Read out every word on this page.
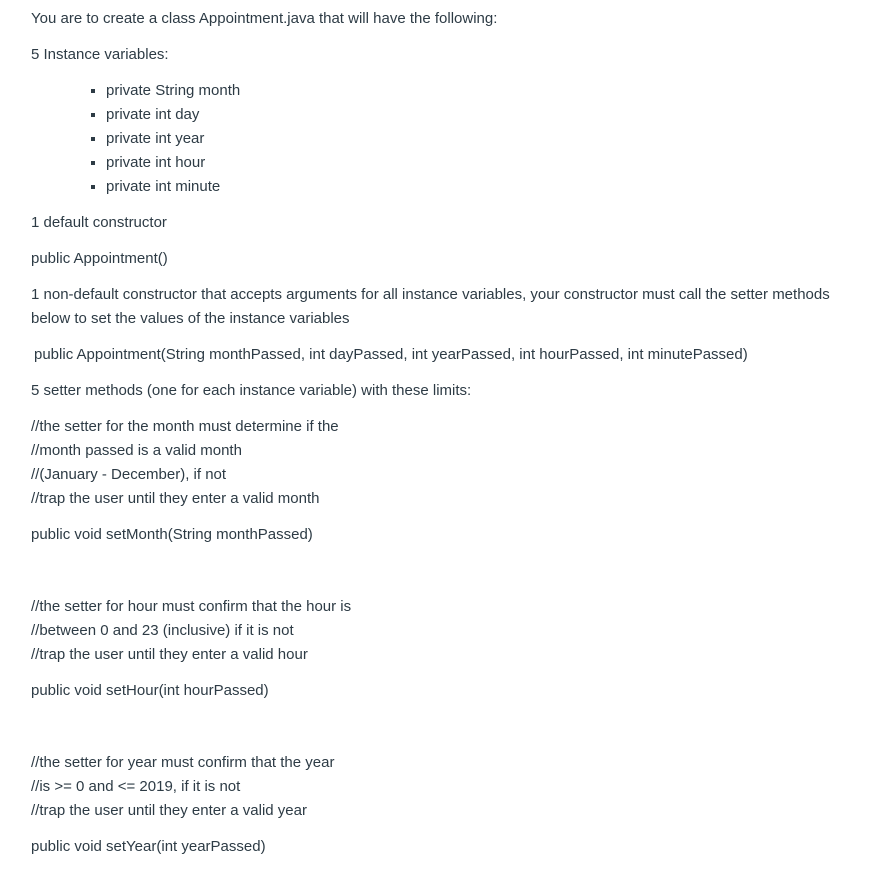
You are to create a class Appointment.java that will have the following:

5 Instance variables:

private String month
private int day
private int year
private int hour
private int minute

1 default constructor

public Appointment()

1 non-default constructor that accepts arguments for all instance variables, your constructor must call the setter methods below to set the values of the instance variables

public Appointment(String monthPassed, int dayPassed, int yearPassed, int hourPassed, int minutePassed)

5 setter methods (one for each instance variable) with these limits:

//the setter for the month must determine if the

//month passed is a valid month

//(January - December), if not

//trap the user until they enter a valid month

public void setMonth(String monthPassed)

//the setter for hour must confirm that the hour is

//between 0 and 23 (inclusive) if it is not

//trap the user until they enter a valid hour

public void setHour(int hourPassed)

//the setter for year must confirm that the year

//is >= 0 and <= 2019, if it is not

//trap the user until they enter a valid year

public void setYear(int yearPassed)
